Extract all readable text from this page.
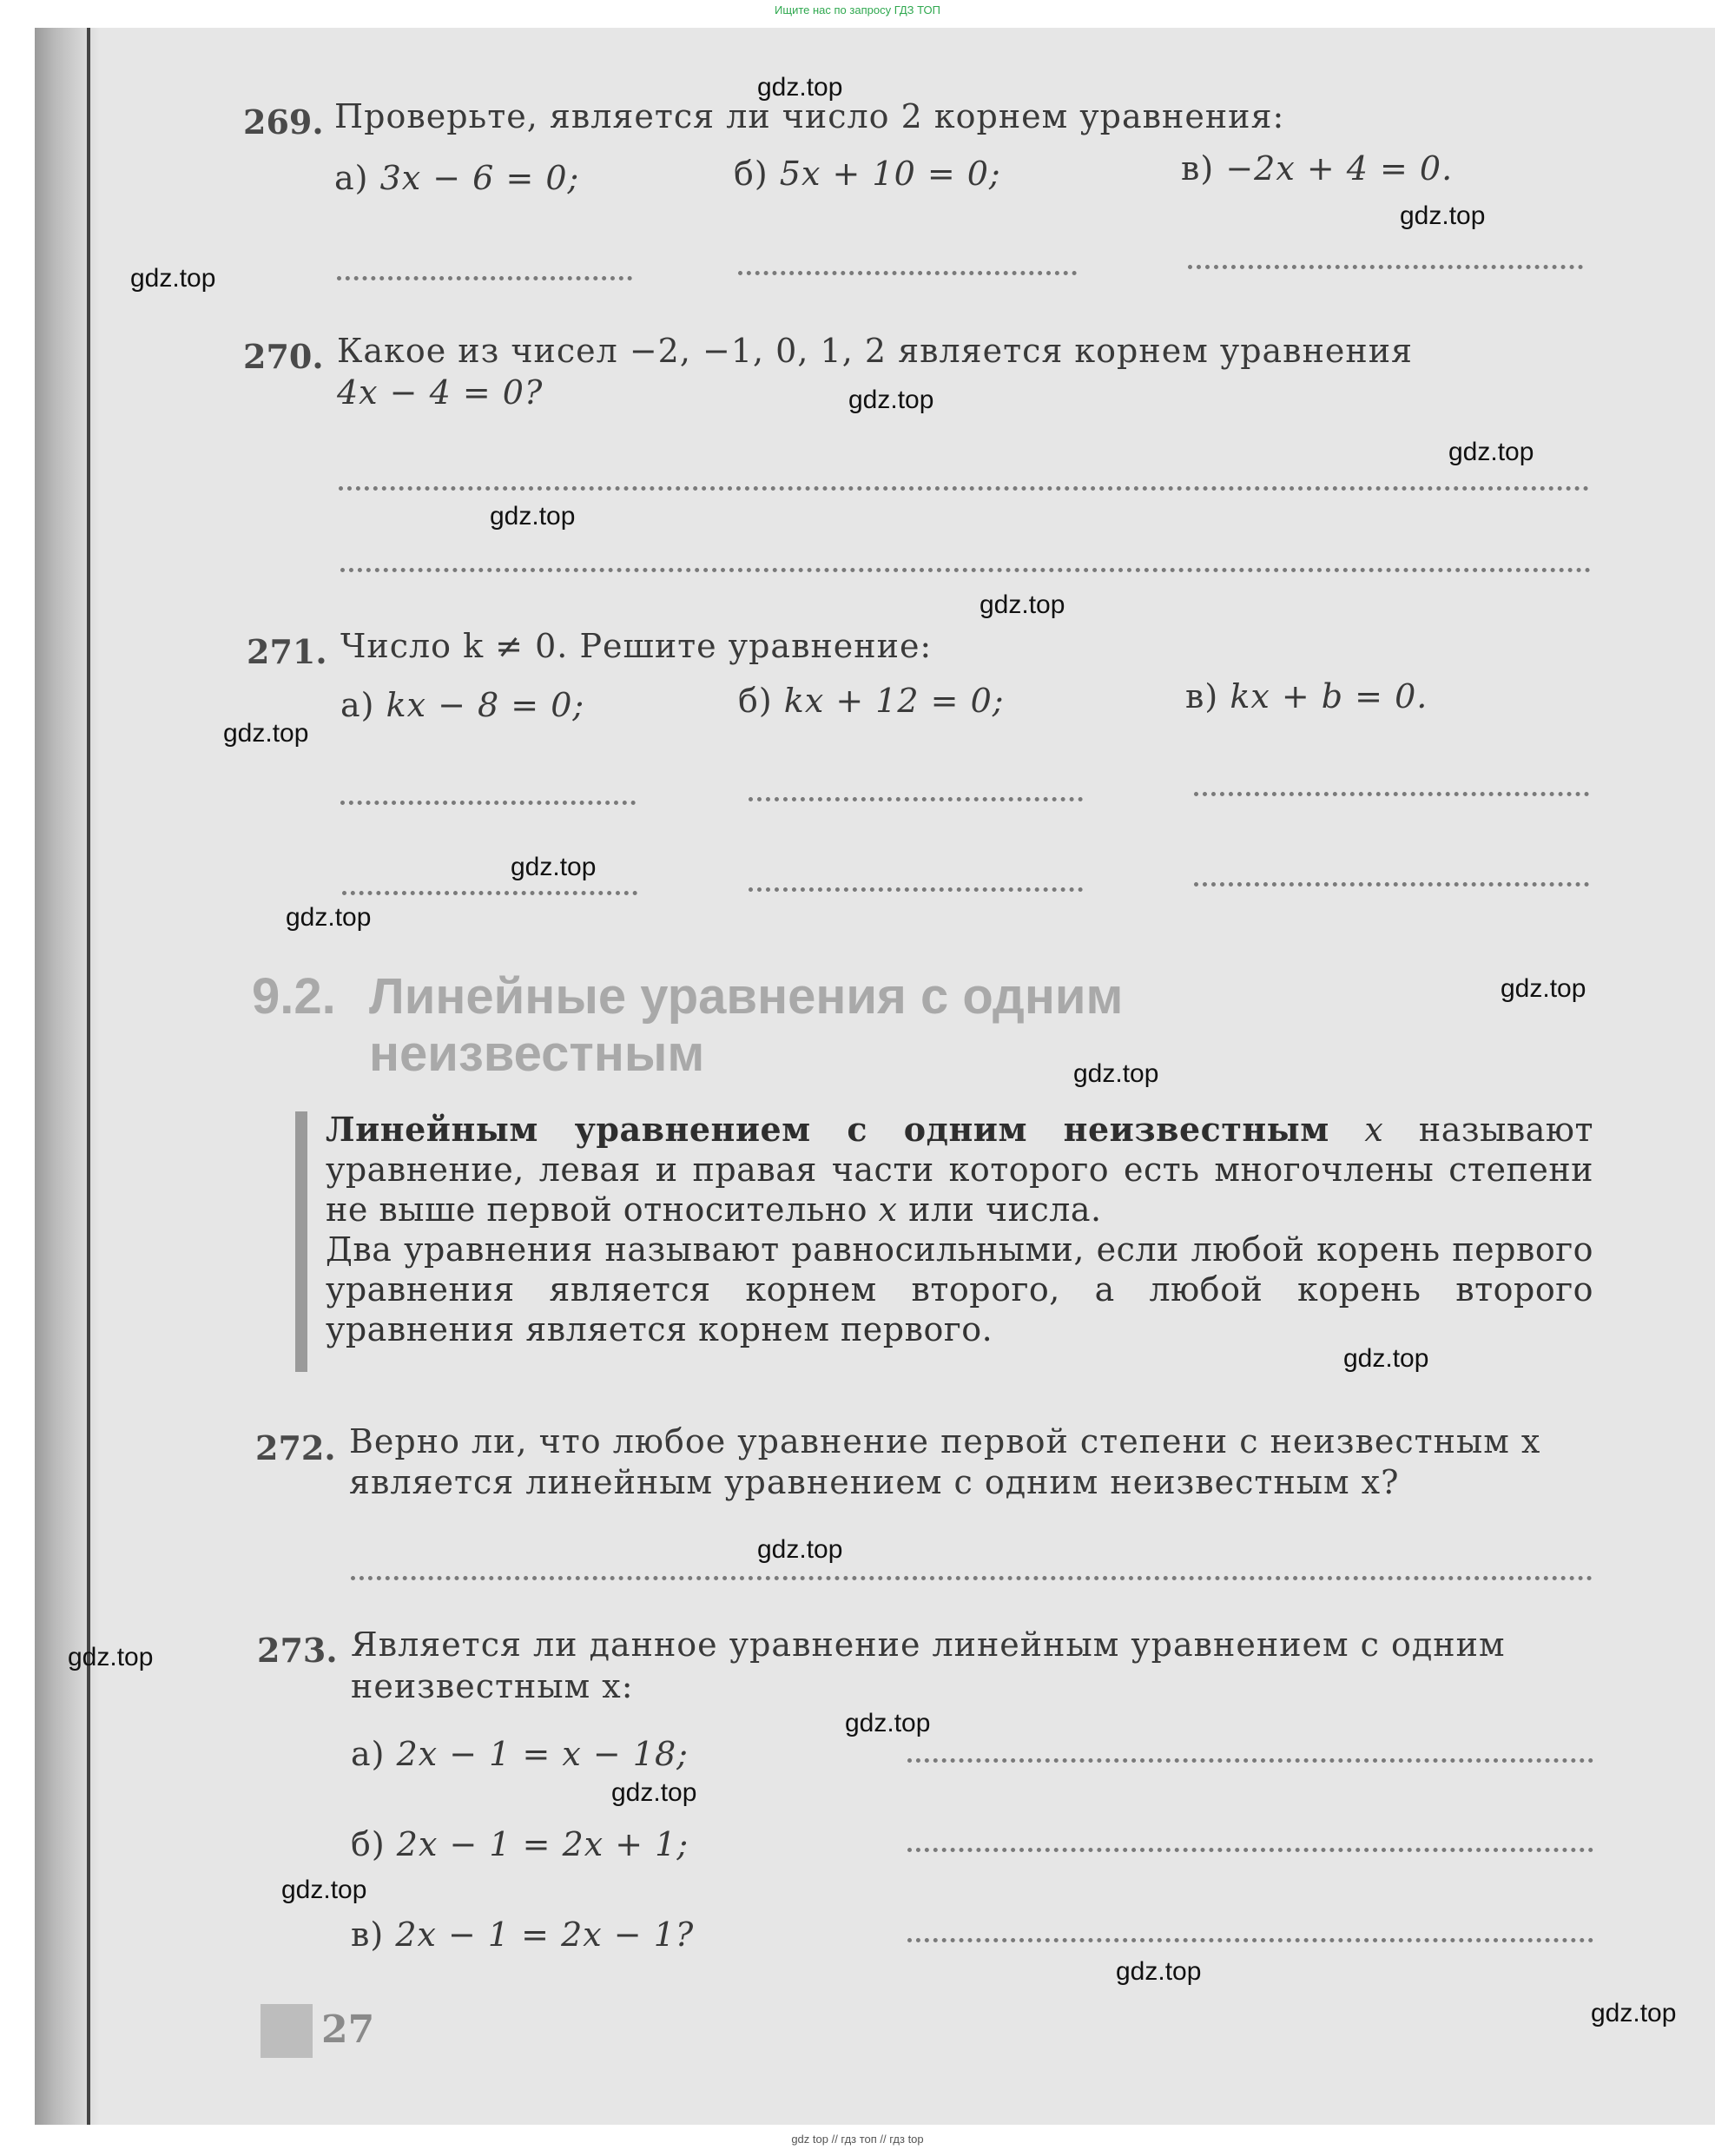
Ищите нас по запросу ГДЗ ТОП
269. Проверьте, является ли число 2 корнем уравнения:
а) 3x − 6 = 0;	б) 5x + 10 = 0;	в) −2x + 4 = 0.
270. Какое из чисел −2, −1, 0, 1, 2 является корнем уравнения
4x − 4 = 0?
271. Число k ≠ 0. Решите уравнение:
а) kx − 8 = 0;	б) kx + 12 = 0;	в) kx + b = 0.
9.2. Линейные уравнения с одним
неизвестным
Линейным уравнением с одним неизвестным x называют уравнение, левая и правая части которого есть многочлены степени не выше первой относительно x или числа.
Два уравнения называют равносильными, если любой корень первого уравнения является корнем второго, а любой корень второго уравнения является корнем первого.
272. Верно ли, что любое уравнение первой степени с неизвестным x
является линейным уравнением с одним неизвестным x?
273. Является ли данное уравнение линейным уравнением с одним
неизвестным x:
а) 2x − 1 = x − 18;
б) 2x − 1 = 2x + 1;
в) 2x − 1 = 2x − 1?
27
gdz.top
gdz.top
gdz.top
gdz.top
gdz.top
gdz.top
gdz.top
gdz.top
gdz.top
gdz.top
gdz.top
gdz.top
gdz.top
gdz.top
gdz.top
gdz.top
gdz.top
gdz.top
gdz.top
gdz.top
gdz top // гдз топ // гдз top
